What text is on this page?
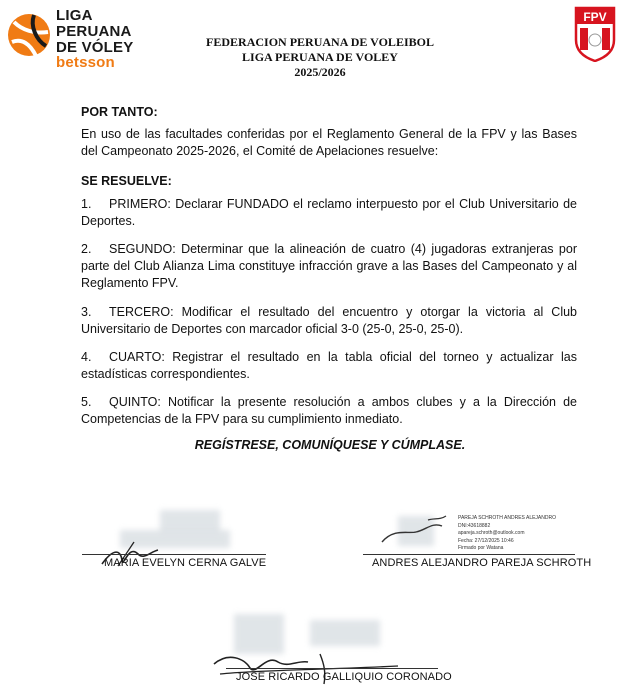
LIGA
PERUANA
DE VÓLEY
betsson
FEDERACION PERUANA DE VOLEIBOL
LIGA PERUANA DE VOLEY
2025/2026
FPV
POR TANTO:
En uso de las facultades conferidas por el Reglamento General de la FPV y las Bases del Campeonato 2025-2026, el Comité de Apelaciones resuelve:
SE RESUELVE:
1.	PRIMERO: Declarar FUNDADO el reclamo interpuesto por el Club Universitario de Deportes.
2.	SEGUNDO: Determinar que la alineación de cuatro (4) jugadoras extranjeras por parte del Club Alianza Lima constituye infracción grave a las Bases del Campeonato y al Reglamento FPV.
3.	TERCERO: Modificar el resultado del encuentro y otorgar la victoria al Club Universitario de Deportes con marcador oficial 3-0 (25-0, 25-0, 25-0).
4.	CUARTO: Registrar el resultado en la tabla oficial del torneo y actualizar las estadísticas correspondientes.
5.	QUINTO: Notificar la presente resolución a ambos clubes y a la Dirección de Competencias de la FPV para su cumplimiento inmediato.
REGÍSTRESE, COMUNÍQUESE Y CÚMPLASE.
MARIA EVELYN CERNA GALVE
PAREJA SCHROTH ANDRES ALEJANDRO
DNI:43618882
apareja.schroth@outlook.com
Fecha: 27/12/2025 10:46
Firmado por Watana
ANDRES ALEJANDRO PAREJA SCHROTH
JOSE RICARDO GALLIQUIO CORONADO
